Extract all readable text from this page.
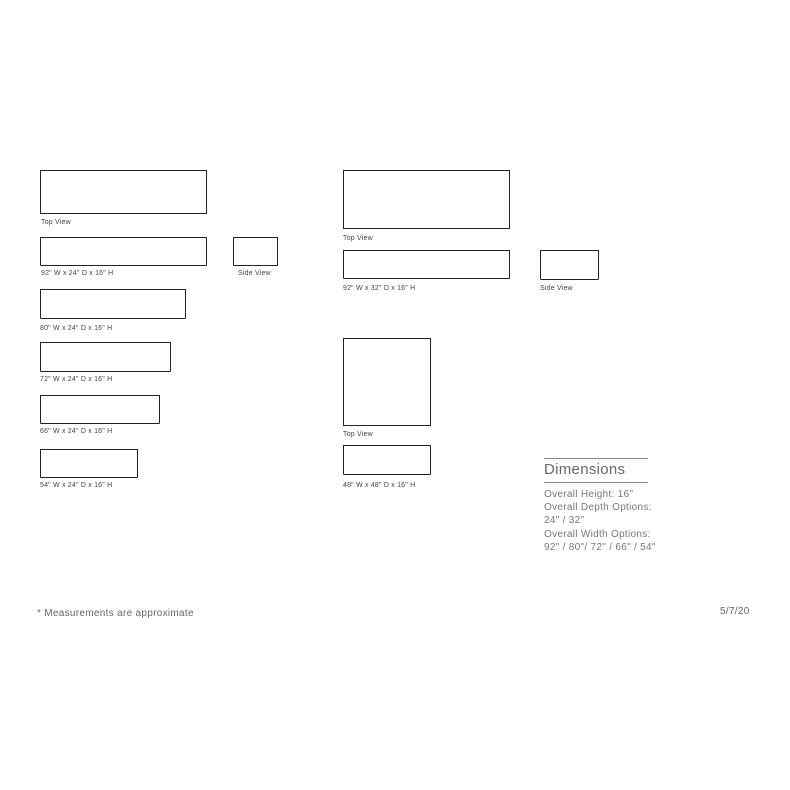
Top View
92" W x 24" D x 16" H	Side View
80" W x 24" D x 16" H
72" W x 24" D x 16" H
66" W x 24" D x 16" H
54" W x 24" D x 16" H
Top View
92" W x 32" D x 16" H	Side View
Top View
48" W x 48" D x 16" H
Dimensions
Overall Height: 16"
Overall Depth Options:
24" / 32"
Overall Width Options:
92" / 80"/ 72" / 66" / 54"
* Measurements are approximate	5/7/20
